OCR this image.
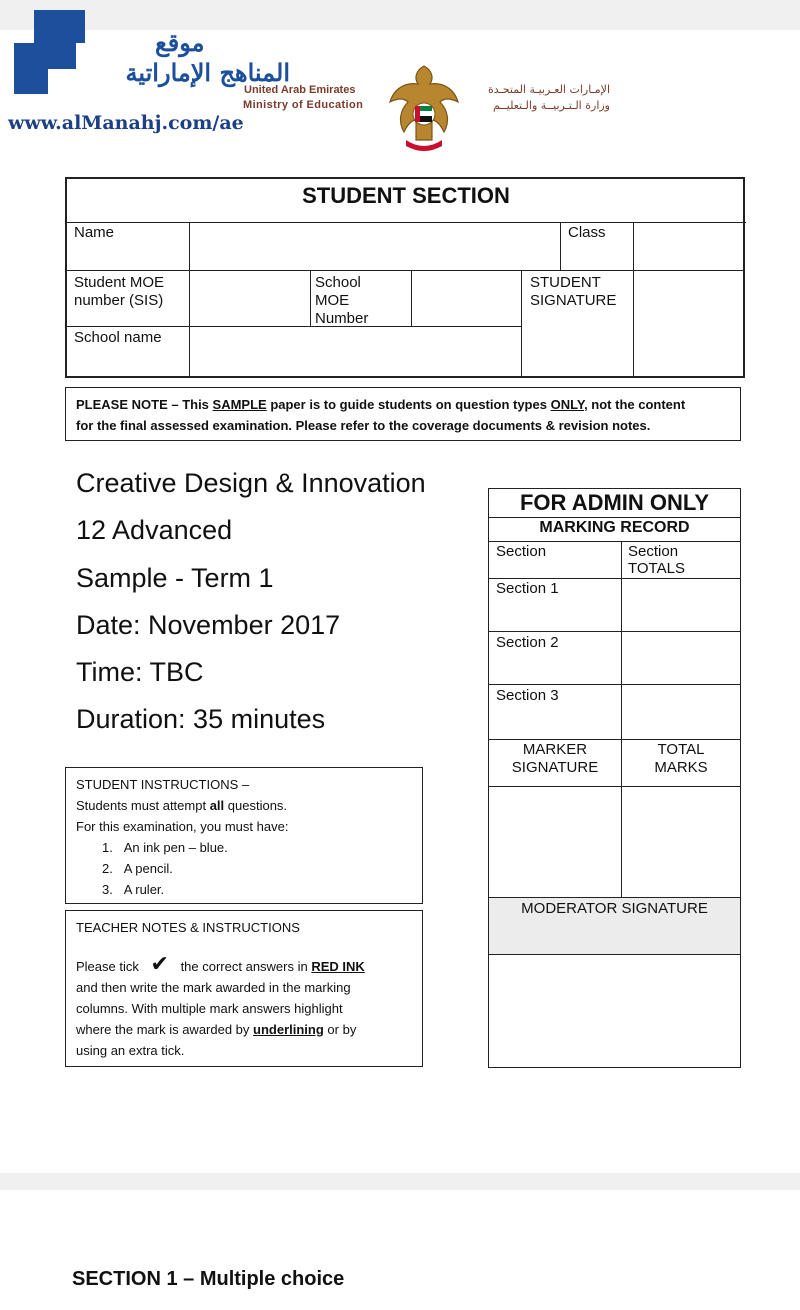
موقع
المناهج الإماراتية
www.alManahj.com/ae
United Arab Emirates
Ministry of Education
الإمـارات العـربيـة المتحـدة
وزارة الـتـربيــة والـتعليــم
STUDENT SECTION
Name	Class
Student MOE
number (SIS)
School
MOE
Number
STUDENT
SIGNATURE
School name
PLEASE NOTE – This SAMPLE paper is to guide students on question types ONLY, not the content
for the final assessed examination. Please refer to the coverage documents & revision notes.
Creative Design & Innovation
12 Advanced
Sample - Term 1
Date: November 2017
Time: TBC
Duration: 35 minutes
STUDENT INSTRUCTIONS –
Students must attempt all questions.
For this examination, you must have:
1. An ink pen – blue.
2. A pencil.
3. A ruler.
TEACHER NOTES & INSTRUCTIONS
Please tick ✔ the correct answers in RED INK
and then write the mark awarded in the marking
columns. With multiple mark answers highlight
where the mark is awarded by underlining or by
using an extra tick.
FOR ADMIN ONLY
MARKING RECORD
Section	Section
TOTALS
Section 1
Section 2
Section 3
MARKER
SIGNATURE
TOTAL
MARKS
MODERATOR SIGNATURE
SECTION 1 – Multiple choice
